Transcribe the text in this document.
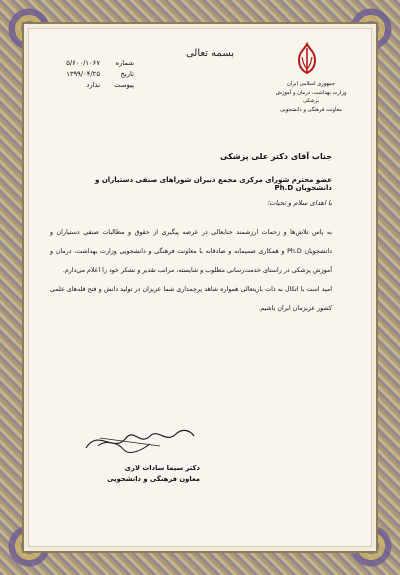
بسمه تعالی
جمهوری اسلامی ایران
وزارت بهداشت، درمان و آموزش پزشکی
معاونت فرهنگی و دانشجویی
شماره
۵/۶۰۰/۱۰۶۷
تاریخ
۱۳۹۹/۰۴/۲۵
پیوست
ندارد
جناب آقای دکتر علی پزشکی
عضو محترم شورای مرکزی مجمع دبیران شوراهای صنفی دستیاران و دانشجویان Ph.D
با اهدای سلام و تحیات؛

به پاس تلاش‌ها و زحمات ارزشمند جنابعالی در عرصه پیگیری از حقوق و مطالبات صنفی دستیاران و دانشجویان Ph.D و همکاری صمیمانه و صادقانه با معاونت فرهنگی و دانشجویی وزارت بهداشت، درمان و آموزش پزشکی در راستای خدمت‌رسانی مطلوب و شایسته، مراتب تقدیر و تشکر خود را اعلام می‌دارم.

امید است با اتکال به ذات باریتعالی همواره شاهد پرچمداری شما عزیزان در تولید دانش و فتح قله‌های علمی کشور عزیزمان ایران باشیم.

دکتر سیما سادات لاری
معاون فرهنگی و دانشجویی
